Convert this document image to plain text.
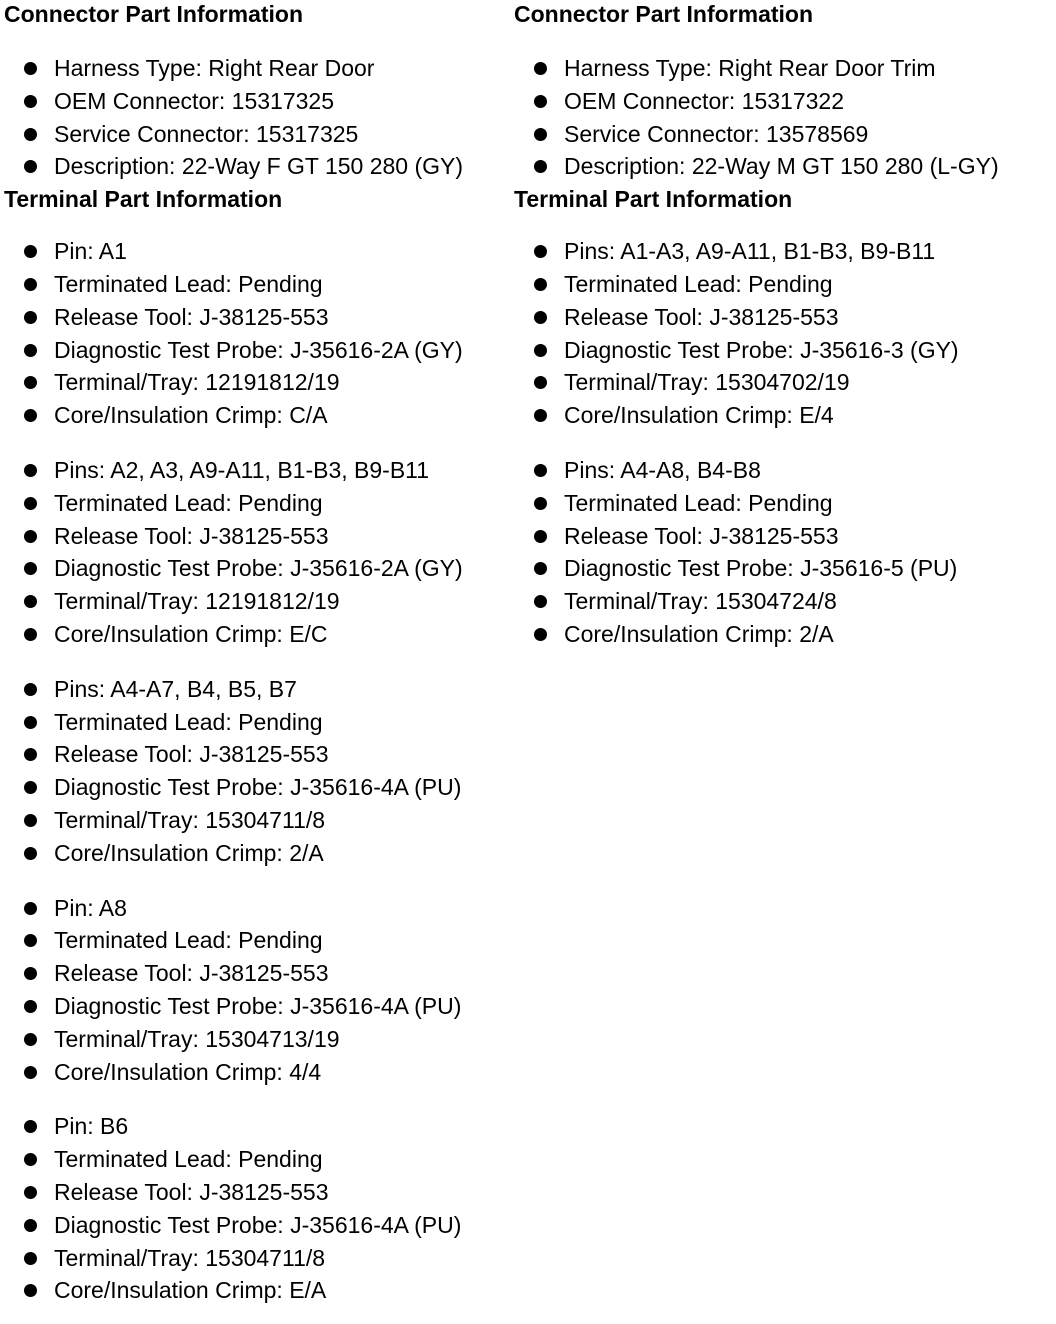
Connector Part Information
Harness Type: Right Rear Door
OEM Connector: 15317325
Service Connector: 15317325
Description: 22-Way F GT 150 280 (GY)
Terminal Part Information
Pin: A1
Terminated Lead: Pending
Release Tool: J-38125-553
Diagnostic Test Probe: J-35616-2A (GY)
Terminal/Tray: 12191812/19
Core/Insulation Crimp: C/A
Pins: A2, A3, A9-A11, B1-B3, B9-B11
Terminated Lead: Pending
Release Tool: J-38125-553
Diagnostic Test Probe: J-35616-2A (GY)
Terminal/Tray: 12191812/19
Core/Insulation Crimp: E/C
Pins: A4-A7, B4, B5, B7
Terminated Lead: Pending
Release Tool: J-38125-553
Diagnostic Test Probe: J-35616-4A (PU)
Terminal/Tray: 15304711/8
Core/Insulation Crimp: 2/A
Pin: A8
Terminated Lead: Pending
Release Tool: J-38125-553
Diagnostic Test Probe: J-35616-4A (PU)
Terminal/Tray: 15304713/19
Core/Insulation Crimp: 4/4
Pin: B6
Terminated Lead: Pending
Release Tool: J-38125-553
Diagnostic Test Probe: J-35616-4A (PU)
Terminal/Tray: 15304711/8
Core/Insulation Crimp: E/A
Connector Part Information
Harness Type: Right Rear Door Trim
OEM Connector: 15317322
Service Connector: 13578569
Description: 22-Way M GT 150 280 (L-GY)
Terminal Part Information
Pins: A1-A3, A9-A11, B1-B3, B9-B11
Terminated Lead: Pending
Release Tool: J-38125-553
Diagnostic Test Probe: J-35616-3 (GY)
Terminal/Tray: 15304702/19
Core/Insulation Crimp: E/4
Pins: A4-A8, B4-B8
Terminated Lead: Pending
Release Tool: J-38125-553
Diagnostic Test Probe: J-35616-5 (PU)
Terminal/Tray: 15304724/8
Core/Insulation Crimp: 2/A
